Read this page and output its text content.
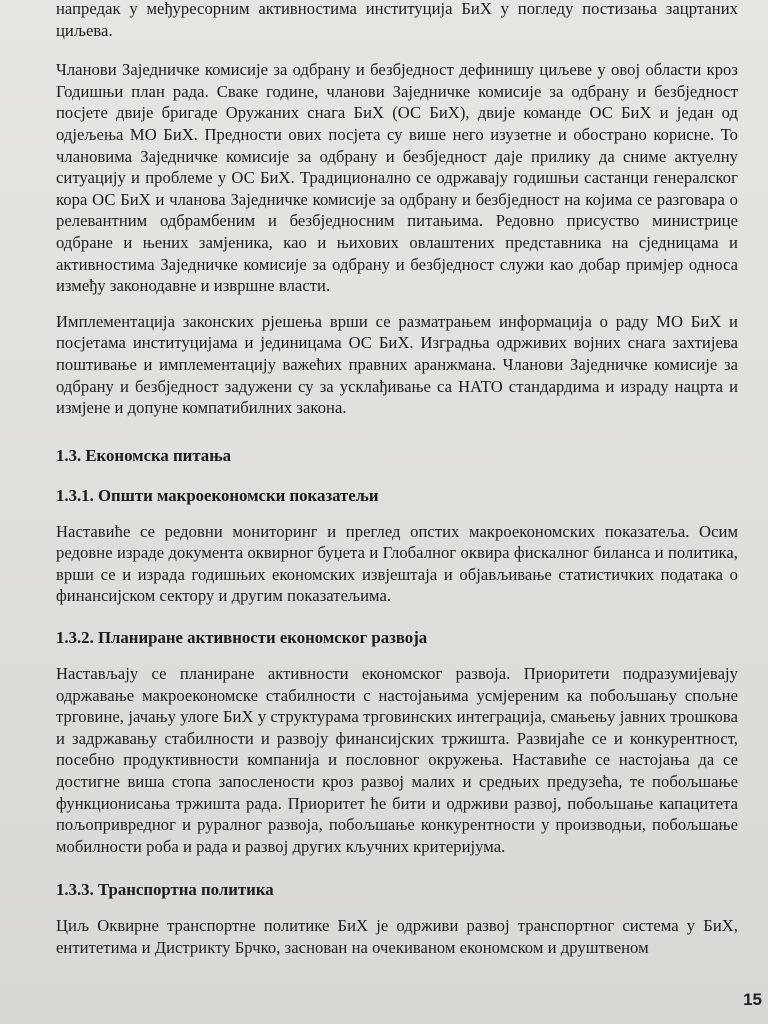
напредак у међуресорним активностима институција БиХ у погледу постизања зацртаних циљева.

Чланови Заједничке комисије за одбрану и безбједност дефинишу циљеве у овој области кроз Годишњи план рада. Сваке године, чланови Заједничке комисије за одбрану и безбједност посјете двије бригаде Оружаних снага БиХ (ОС БиХ), двије команде ОС БиХ и један од одјељења МО БиХ. Предности ових посјета су више него изузетне и обострано корисне. То члановима Заједничке комисије за одбрану и безбједност даје прилику да сниме актуелну ситуацију и проблеме у ОС БиХ. Традиционално се одржавају годишњи састанци генералског кора ОС БиХ и чланова Заједничке комисије за одбрану и безбједност на којима се разговара о релевантним одбрамбеним и безбједносним питањима. Редовно присуство министрице одбране и њених замјеника, као и њихових овлаштених представника на сједницама и активностима Заједничке комисије за одбрану и безбједност служи као добар примјер односа између законодавне и извршне власти.

Имплементација законских рјешења врши се разматрањем информација о раду МО БиХ и посјетама институцијама и јединицама ОС БиХ. Изградња одрживих војних снага захтијева поштивање и имплементацију важећих правних аранжмана. Чланови Заједничке комисије за одбрану и безбједност задужени су за усклађивање са НАТО стандардима и израду нацрта и измјене и допуне компатибилних закона.

1.3. Економска питања
1.3.1. Општи макроекономски показатељи

Наставиће се редовни мониторинг и преглед опстих макроекономских показатеља. Осим редовне израде документа оквирног буџета и Глобалног оквира фискалног биланса и политика, врши се и израда годишњих економских извјештаја и објављивање статистичких података о финансијском сектору и другим показатељима.

1.3.2. Планиране активности економског развоја

Настављају се планиране активности економског развоја. Приоритети подразумијевају одржавање макроекономске стабилности с настојањима усмјереним ка побољшању спољне трговине, јачању улоге БиХ у структурама трговинских интеграција, смањењу јавних трошкова и задржавању стабилности и развоју финансијских тржишта. Развијаће се и конкурентност, посебно продуктивности компанија и пословног окружења. Наставиће се настојања да се достигне виша стопа запослености кроз развој малих и средњих предузећа, те побољшање функционисања тржишта рада. Приоритет ће бити и одрживи развој, побољшање капацитета пољопривредног и руралног развоја, побољшање конкурентности у производњи, побољшање мобилности роба и рада и развој других кључних критеријума.

1.3.3. Транспортна политика

Циљ Оквирне транспортне политике БиХ је одрживи развој транспортног система у БиХ, ентитетима и Дистрикту Брчко, заснован на очекиваном економском и друштвеном

15
